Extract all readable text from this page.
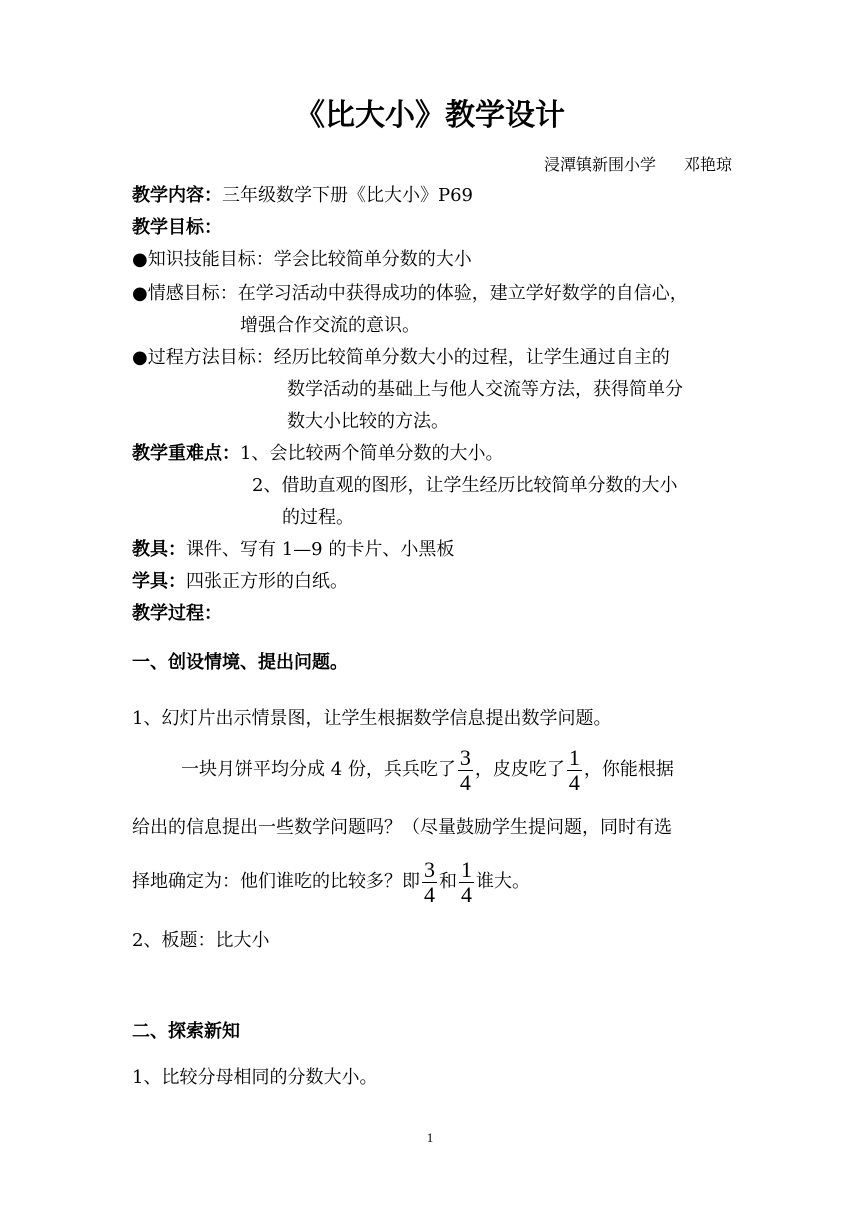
《比大小》教学设计
浸潭镇新围小学 邓艳琼
教学内容：三年级数学下册《比大小》P69
教学目标：
●知识技能目标：学会比较简单分数的大小
●情感目标：在学习活动中获得成功的体验，建立学好数学的自信心，
增强合作交流的意识。
●过程方法目标：经历比较简单分数大小的过程，让学生通过自主的
数学活动的基础上与他人交流等方法，获得简单分
数大小比较的方法。
教学重难点：1、会比较两个简单分数的大小。
2、借助直观的图形，让学生经历比较简单分数的大小
的过程。
教具：课件、写有 1—9 的卡片、小黑板
学具：四张正方形的白纸。
教学过程：
一、创设情境、提出问题。
1、幻灯片出示情景图，让学生根据数学信息提出数学问题。
一块月饼平均分成 4 份，兵兵吃了 $\frac{3}{4}$ ，皮皮吃了 $\frac{1}{4}$ ，你能根据
给出的信息提出一些数学问题吗？（尽量鼓励学生提问题，同时有选
择地确定为：他们谁吃的比较多？即 $\frac{3}{4}$ 和 $\frac{1}{4}$ 谁大。
2、板题：比大小
二、探索新知
1、比较分母相同的分数大小。
1
